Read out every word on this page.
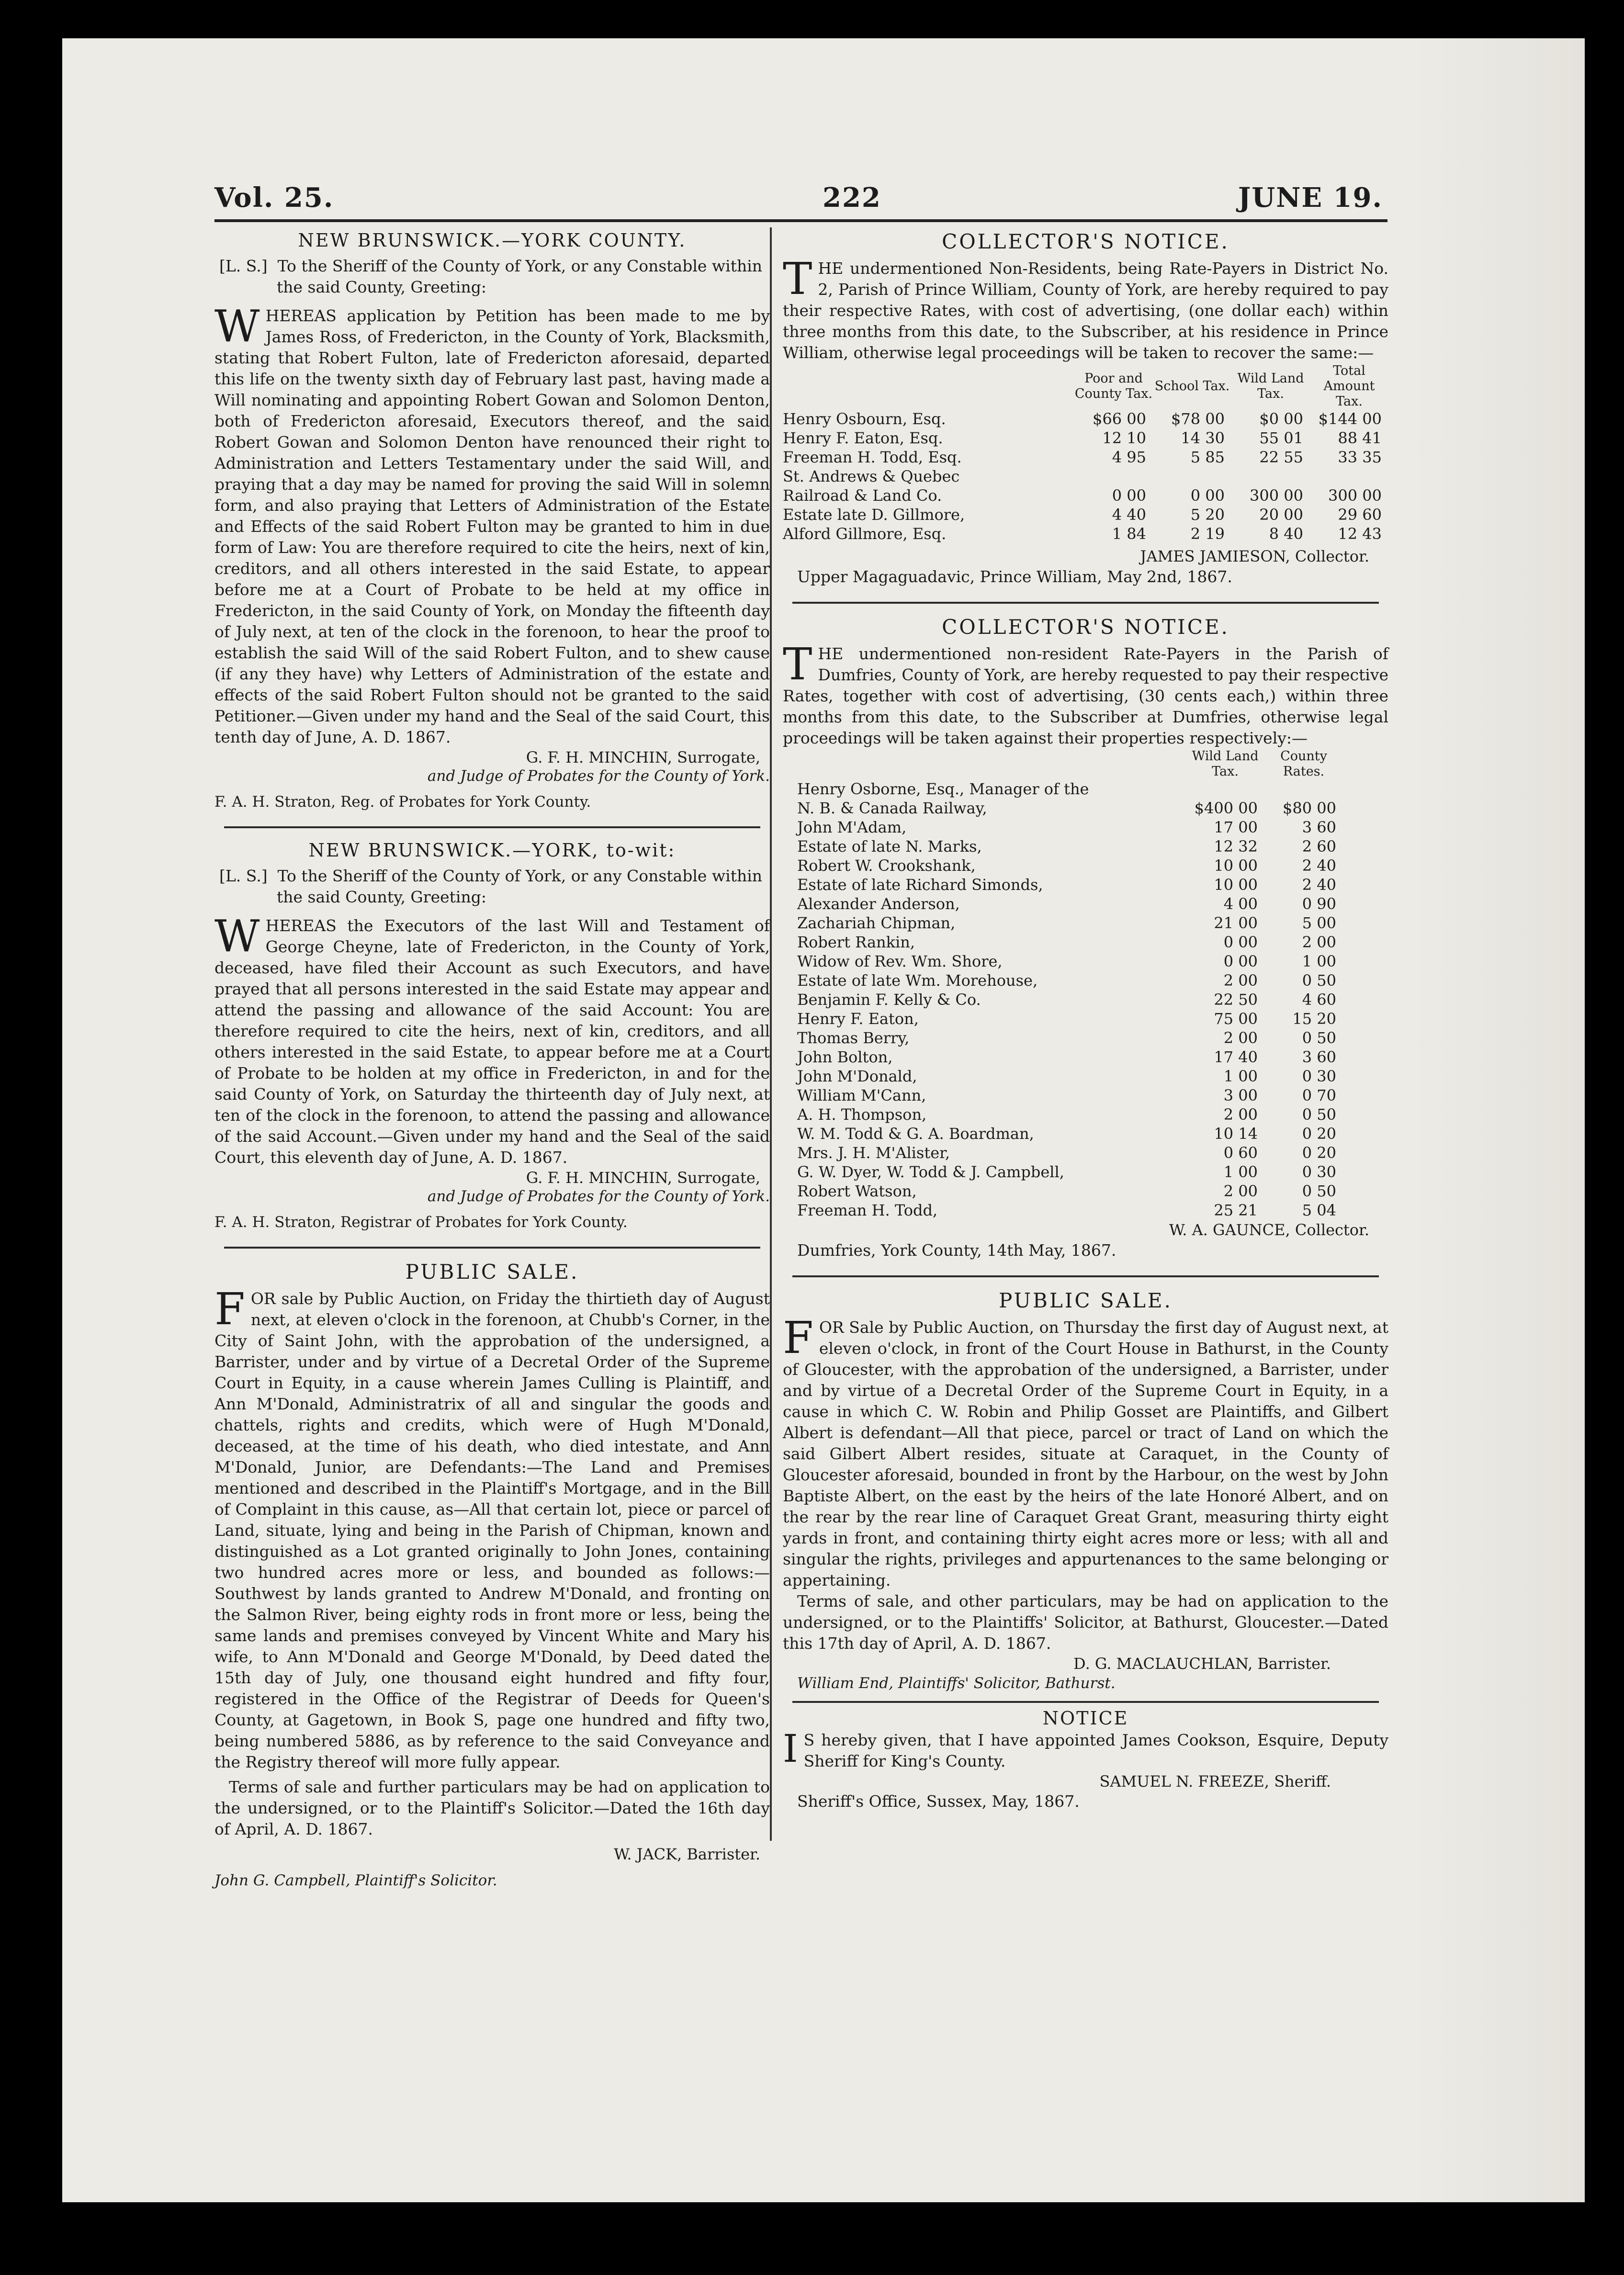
Vol. 25.	222	JUNE 19.
NEW BRUNSWICK.—YORK COUNTY.
[L. S.] To the Sheriff of the County of York, or any Constable within the said County, Greeting:

WHEREAS application by Petition has been made to me by James Ross, of Fredericton, in the County of York, Blacksmith, stating that Robert Fulton, late of Fredericton aforesaid, departed this life on the twenty sixth day of February last past, having made a Will nominating and appointing Robert Gowan and Solomon Denton, both of Fredericton aforesaid, Executors thereof, and the said Robert Gowan and Solomon Denton have renounced their right to Administration and Letters Testamentary under the said Will, and praying that a day may be named for proving the said Will in solemn form, and also praying that Letters of Administration of the Estate and Effects of the said Robert Fulton may be granted to him in due form of Law: You are therefore required to cite the heirs, next of kin, creditors, and all others interested in the said Estate, to appear before me at a Court of Probate to be held at my office in Fredericton, in the said County of York, on Monday the fifteenth day of July next, at ten of the clock in the forenoon, to hear the proof to establish the said Will of the said Robert Fulton, and to shew cause (if any they have) why Letters of Administration of the estate and effects of the said Robert Fulton should not be granted to the said Petitioner.—Given under my hand and the Seal of the said Court, this tenth day of June, A. D. 1867.

G. F. H. MINCHIN, Surrogate,
and Judge of Probates for the County of York.
F. A. H. Straton, Reg. of Probates for York County.
NEW BRUNSWICK.—YORK, to-wit:
[L. S.] To the Sheriff of the County of York, or any Constable within the said County, Greeting:

WHEREAS the Executors of the last Will and Testament of George Cheyne, late of Fredericton, in the County of York, deceased, have filed their Account as such Executors, and have prayed that all persons interested in the said Estate may appear and attend the passing and allowance of the said Account: You are therefore required to cite the heirs, next of kin, creditors, and all others interested in the said Estate, to appear before me at a Court of Probate to be holden at my office in Fredericton, in and for the said County of York, on Saturday the thirteenth day of July next, at ten of the clock in the forenoon, to attend the passing and allowance of the said Account.—Given under my hand and the Seal of the said Court, this eleventh day of June, A. D. 1867.

G. F. H. MINCHIN, Surrogate,
and Judge of Probates for the County of York.
F. A. H. Straton, Registrar of Probates for York County.
PUBLIC SALE.

FOR sale by Public Auction, on Friday the thirtieth day of August next, at eleven o'clock in the forenoon, at Chubb's Corner, in the City of Saint John, with the approbation of the undersigned, a Barrister, under and by virtue of a Decretal Order of the Supreme Court in Equity, in a cause wherein James Culling is Plaintiff, and Ann M'Donald, Administratrix of all and singular the goods and chattels, rights and credits, which were of Hugh M'Donald, deceased, at the time of his death, who died intestate, and Ann M'Donald, Junior, are Defendants:—The Land and Premises mentioned and described in the Plaintiff's Mortgage, and in the Bill of Complaint in this cause, as—All that certain lot, piece or parcel of Land, situate, lying and being in the Parish of Chipman, known and distinguished as a Lot granted originally to John Jones, containing two hundred acres more or less, and bounded as follows:—Southwest by lands granted to Andrew M'Donald, and fronting on the Salmon River, being eighty rods in front more or less, being the same lands and premises conveyed by Vincent White and Mary his wife, to Ann M'Donald and George M'Donald, by Deed dated the 15th day of July, one thousand eight hundred and fifty four, registered in the Office of the Registrar of Deeds for Queen's County, at Gagetown, in Book S, page one hundred and fifty two, being numbered 5886, as by reference to the said Conveyance and the Registry thereof will more fully appear.

Terms of sale and further particulars may be had on application to the undersigned, or to the Plaintiff's Solicitor.—Dated the 16th day of April, A. D. 1867.

W. JACK, Barrister.
John G. Campbell, Plaintiff's Solicitor.
COLLECTOR'S NOTICE.

THE undermentioned Non-Residents, being Rate-Payers in District No. 2, Parish of Prince William, County of York, are hereby required to pay their respective Rates, with cost of advertising, (one dollar each) within three months from this date, to the Subscriber, at his residence in Prince William, otherwise legal proceedings will be taken to recover the same:—

	Poor and County Tax.	School Tax.	Wild Land Tax.	Total Amount Tax.
Henry Osbourn, Esq.	$66 00	$78 00	$0 00	$144 00
Henry F. Eaton, Esq.	12 10	14 30	55 01	88 41
Freeman H. Todd, Esq.	4 95	5 85	22 55	33 35
St. Andrews & Quebec				
Railroad & Land Co.	0 00	0 00	300 00	300 00
Estate late D. Gillmore,	4 40	5 20	20 00	29 60
Alford Gillmore, Esq.	1 84	2 19	8 40	12 43
JAMES JAMIESON, Collector.
Upper Magaguadavic, Prince William, May 2nd, 1867.
COLLECTOR'S NOTICE.

THE undermentioned non-resident Rate-Payers in the Parish of Dumfries, County of York, are hereby requested to pay their respective Rates, together with cost of advertising, (30 cents each,) within three months from this date, to the Subscriber at Dumfries, otherwise legal proceedings will be taken against their properties respectively:—

	Wild Land Tax.	County Rates.
Henry Osborne, Esq., Manager of the		
N. B. & Canada Railway,	$400 00	$80 00
John M'Adam,	17 00	3 60
Estate of late N. Marks,	12 32	2 60
Robert W. Crookshank,	10 00	2 40
Estate of late Richard Simonds,	10 00	2 40
Alexander Anderson,	4 00	0 90
Zachariah Chipman,	21 00	5 00
Robert Rankin,	0 00	2 00
Widow of Rev. Wm. Shore,	0 00	1 00
Estate of late Wm. Morehouse,	2 00	0 50
Benjamin F. Kelly & Co.	22 50	4 60
Henry F. Eaton,	75 00	15 20
Thomas Berry,	2 00	0 50
John Bolton,	17 40	3 60
John M'Donald,	1 00	0 30
William M'Cann,	3 00	0 70
A. H. Thompson,	2 00	0 50
W. M. Todd & G. A. Boardman,	10 14	0 20
Mrs. J. H. M'Alister,	0 60	0 20
G. W. Dyer, W. Todd & J. Campbell,	1 00	0 30
Robert Watson,	2 00	0 50
Freeman H. Todd,	25 21	5 04
W. A. GAUNCE, Collector.
Dumfries, York County, 14th May, 1867.
PUBLIC SALE.

FOR Sale by Public Auction, on Thursday the first day of August next, at eleven o'clock, in front of the Court House in Bathurst, in the County of Gloucester, with the approbation of the undersigned, a Barrister, under and by virtue of a Decretal Order of the Supreme Court in Equity, in a cause in which C. W. Robin and Philip Gosset are Plaintiffs, and Gilbert Albert is defendant—All that piece, parcel or tract of Land on which the said Gilbert Albert resides, situate at Caraquet, in the County of Gloucester aforesaid, bounded in front by the Harbour, on the west by John Baptiste Albert, on the east by the heirs of the late Honoré Albert, and on the rear by the rear line of Caraquet Great Grant, measuring thirty eight yards in front, and containing thirty eight acres more or less; with all and singular the rights, privileges and appurtenances to the same belonging or appertaining.

Terms of sale, and other particulars, may be had on application to the undersigned, or to the Plaintiffs' Solicitor, at Bathurst, Gloucester.—Dated this 17th day of April, A. D. 1867.

D. G. MACLAUCHLAN, Barrister.
William End, Plaintiffs' Solicitor, Bathurst.
NOTICE

I S hereby given, that I have appointed James Cookson, Esquire, Deputy Sheriff for King's County.

SAMUEL N. FREEZE, Sheriff.
Sheriff's Office, Sussex, May, 1867.
